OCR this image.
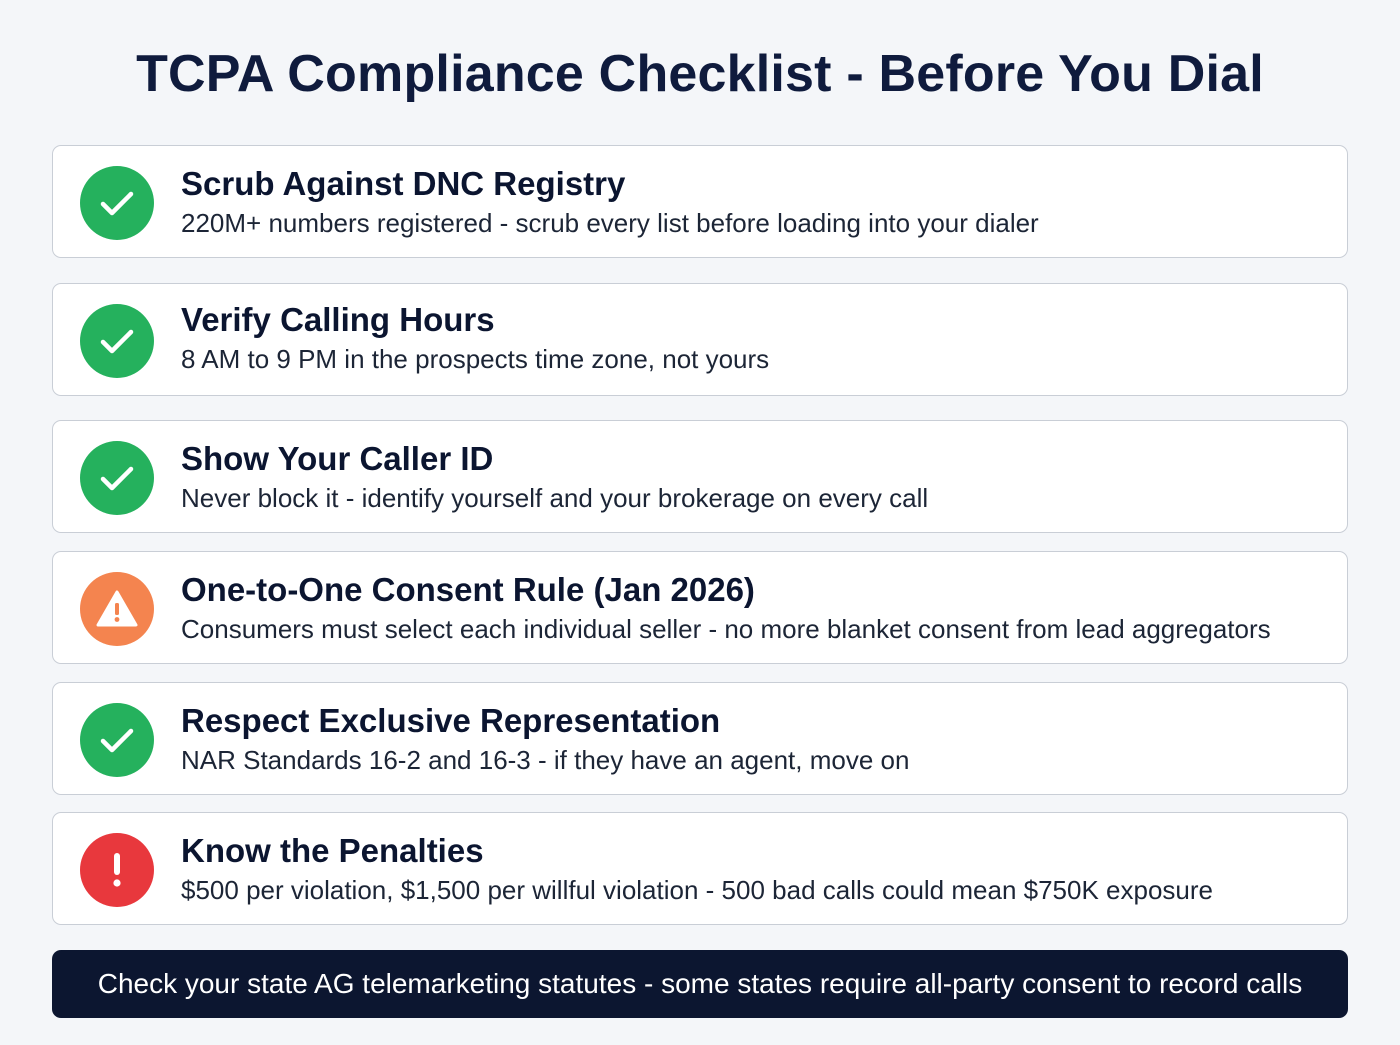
TCPA Compliance Checklist - Before You Dial
Scrub Against DNC Registry
220M+ numbers registered - scrub every list before loading into your dialer
Verify Calling Hours
8 AM to 9 PM in the prospects time zone, not yours
Show Your Caller ID
Never block it - identify yourself and your brokerage on every call
One-to-One Consent Rule (Jan 2026)
Consumers must select each individual seller - no more blanket consent from lead aggregators
Respect Exclusive Representation
NAR Standards 16-2 and 16-3 - if they have an agent, move on
Know the Penalties
$500 per violation, $1,500 per willful violation - 500 bad calls could mean $750K exposure
Check your state AG telemarketing statutes - some states require all-party consent to record calls
